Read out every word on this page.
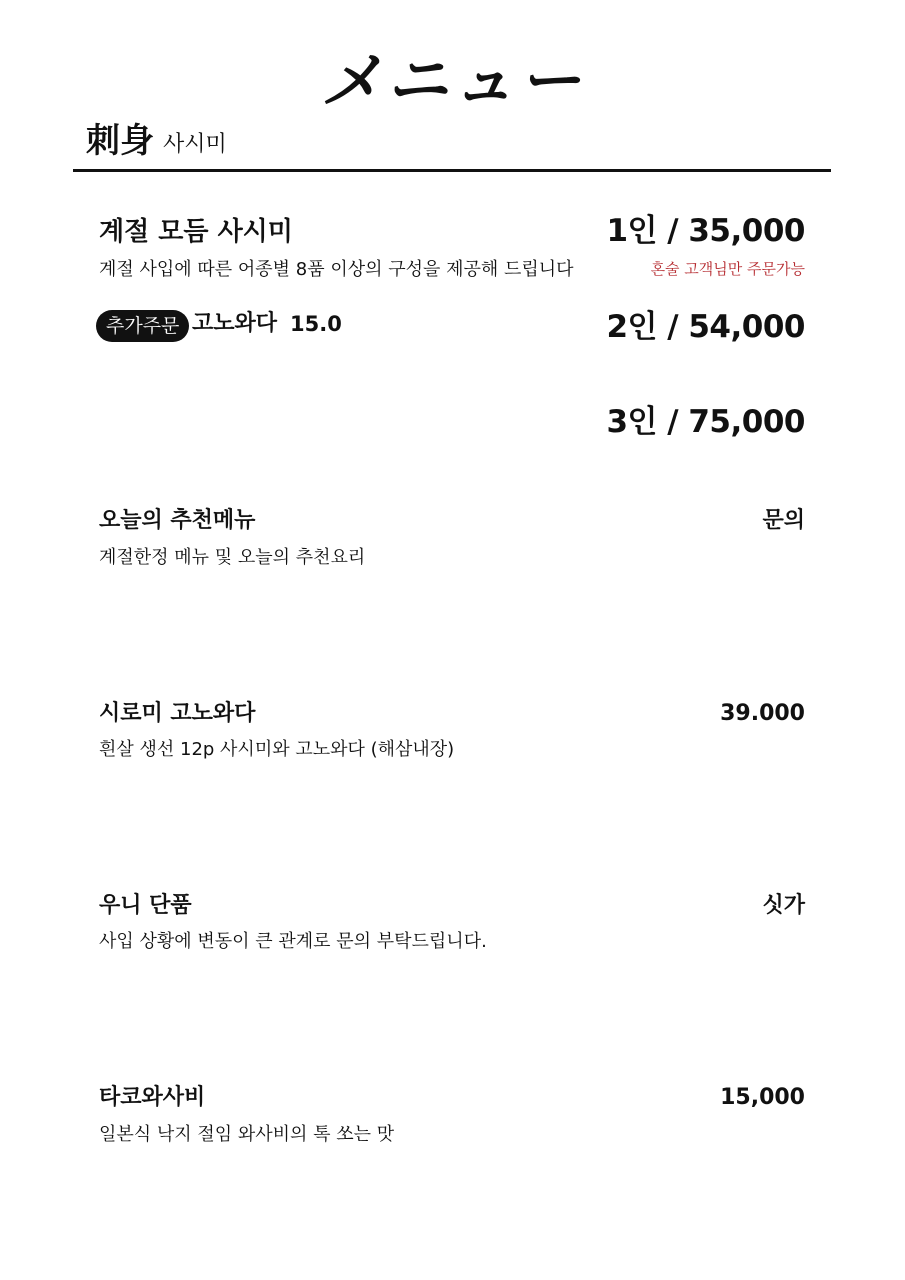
メニュー
刺身 사시미
계절 모듬 사시미
계절 사입에 따른 어종별 8품 이상의 구성을 제공해 드립니다
1인 / 35,000
혼술 고객님만 주문가능
추가주문 고노와다 15.0	2인 / 54,000
3인 / 75,000
오늘의 추천메뉴
계절한정 메뉴 및 오늘의 추천요리
문의
시로미 고노와다
흰살 생선 12p 사시미와 고노와다 (해삼내장)
39.000
우니 단품
사입 상황에 변동이 큰 관계로 문의 부탁드립니다.
싯가
타코와사비
일본식 낙지 절임 와사비의 톡 쏘는 맛
15,000
